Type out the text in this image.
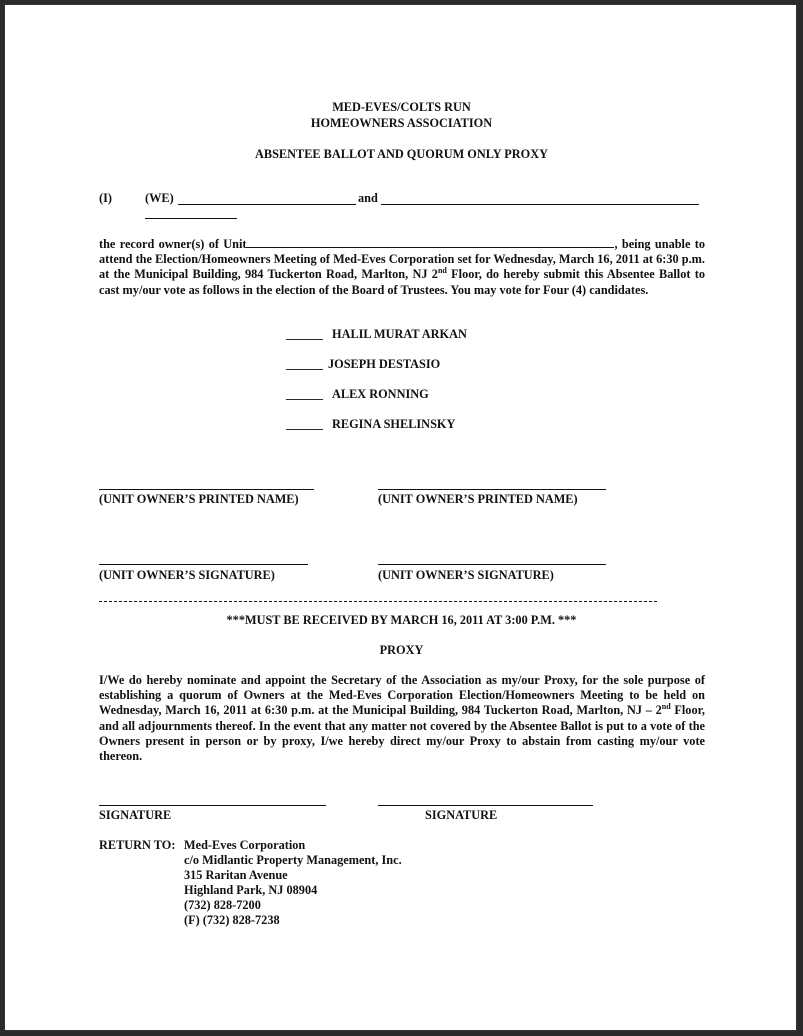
MED-EVES/COLTS RUN
HOMEOWNERS ASSOCIATION
ABSENTEE BALLOT AND QUORUM ONLY PROXY
(I)	(WE)	and
the record owner(s) of Unit	, being unable to attend the Election/Homeowners Meeting of Med-Eves Corporation set for Wednesday, March 16, 2011 at 6:30 p.m. at the Municipal Building, 984 Tuckerton Road, Marlton, NJ 2nd Floor, do hereby submit this Absentee Ballot to cast my/our vote as follows in the election of the Board of Trustees. You may vote for Four (4) candidates.
______ HALIL MURAT ARKAN
______ JOSEPH DESTASIO
______ ALEX RONNING
______ REGINA SHELINSKY
(UNIT OWNER’S PRINTED NAME)	(UNIT OWNER’S PRINTED NAME)
(UNIT OWNER’S SIGNATURE)	(UNIT OWNER’S SIGNATURE)
***MUST BE RECEIVED BY MARCH 16, 2011 AT 3:00 P.M. ***
PROXY
I/We do hereby nominate and appoint the Secretary of the Association as my/our Proxy, for the sole purpose of establishing a quorum of Owners at the Med-Eves Corporation Election/Homeowners Meeting to be held on Wednesday, March 16, 2011 at 6:30 p.m. at the Municipal Building, 984 Tuckerton Road, Marlton, NJ – 2nd Floor, and all adjournments thereof. In the event that any matter not covered by the Absentee Ballot is put to a vote of the Owners present in person or by proxy, I/we hereby direct my/our Proxy to abstain from casting my/our vote thereon.
SIGNATURE	SIGNATURE
RETURN TO: Med-Eves Corporation
c/o Midlantic Property Management, Inc.
315 Raritan Avenue
Highland Park, NJ 08904
(732) 828-7200
(F) (732) 828-7238
